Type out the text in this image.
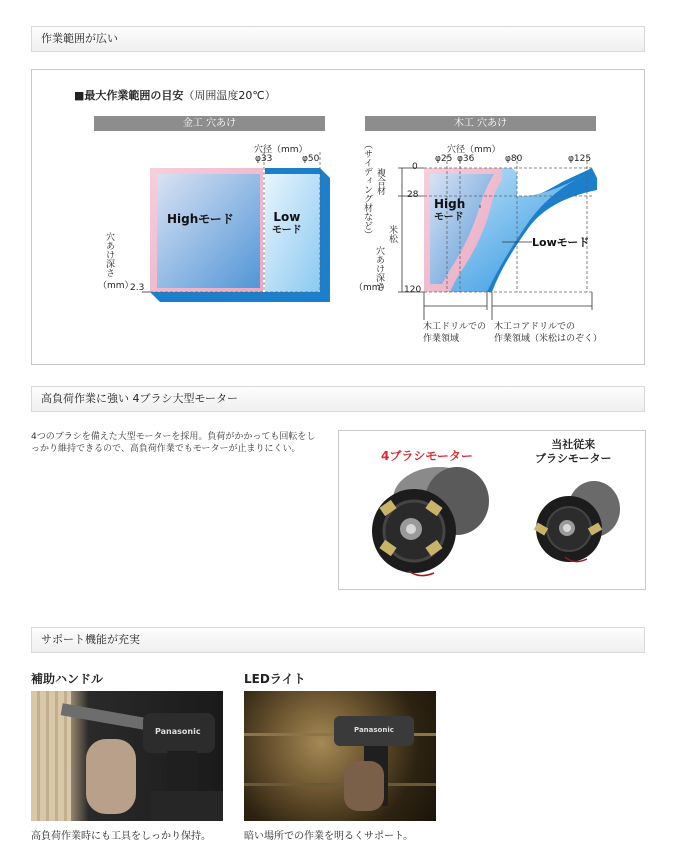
作業範囲が広い
高負荷作業に強い 4ブラシ大型モーター
サポート機能が充実
■最大作業範囲の目安（周囲温度20℃）
金工 穴あけ
穴径（mm）
φ33	φ50
Highモード	Low
モード
穴あけ深さ
（mm）
2.3
木工 穴あけ
穴径（mm）
φ25 φ36	φ80	φ125
（サイディング材など） 複合材
米松
穴あけ深さ
（mm）
0
28
120
High
モード
Lowモード
木工ドリルでの
作業領域
木工コアドリルでの
作業領域（米松はのぞく）
4つのブラシを備えた大型モーターを採用。負荷がかかっても回転をし
っかり維持できるので、高負荷作業でもモーターが止まりにくい。	4ブラシモーター
当社従来
ブラシモーター
補助ハンドル	LEDライト
Panasonic	Panasonic
高負荷作業時にも工具をしっかり保持。	暗い場所での作業を明るくサポート。
